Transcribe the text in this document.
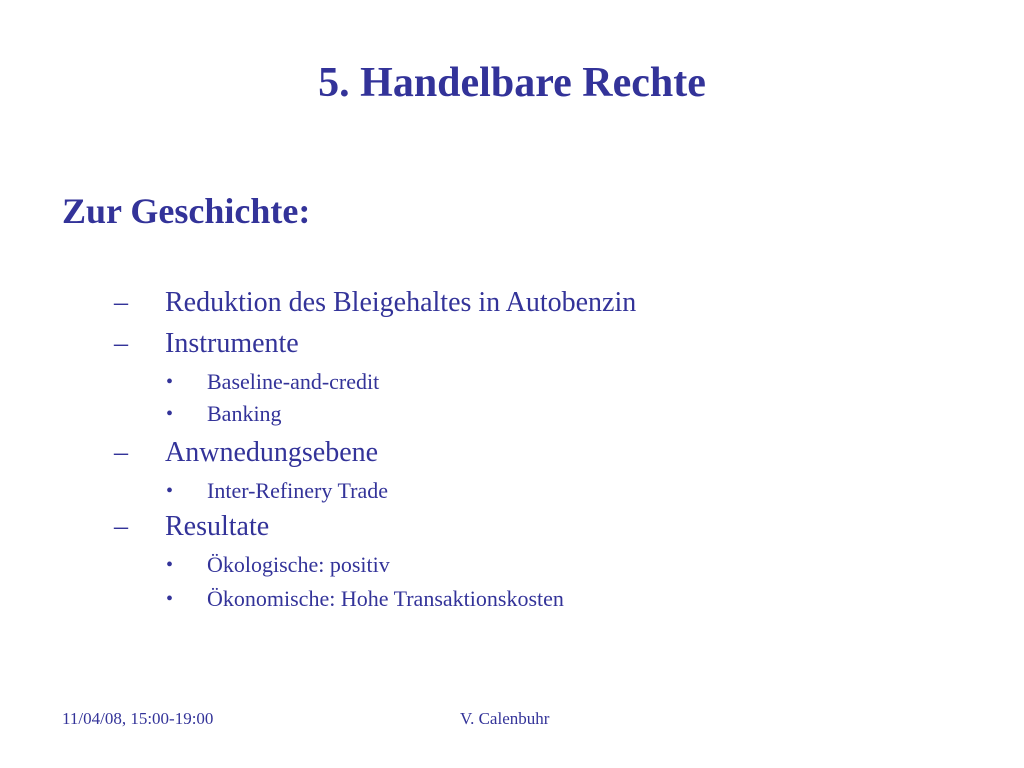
5. Handelbare Rechte
Zur Geschichte:
– Reduktion des Bleigehaltes in Autobenzin
– Instrumente
• Baseline-and-credit
• Banking
– Anwnedungsebene
• Inter-Refinery Trade
– Resultate
• Ökologische: positiv
• Ökonomische: Hohe Transaktionskosten
11/04/08, 15:00-19:00	V. Calenbuhr
